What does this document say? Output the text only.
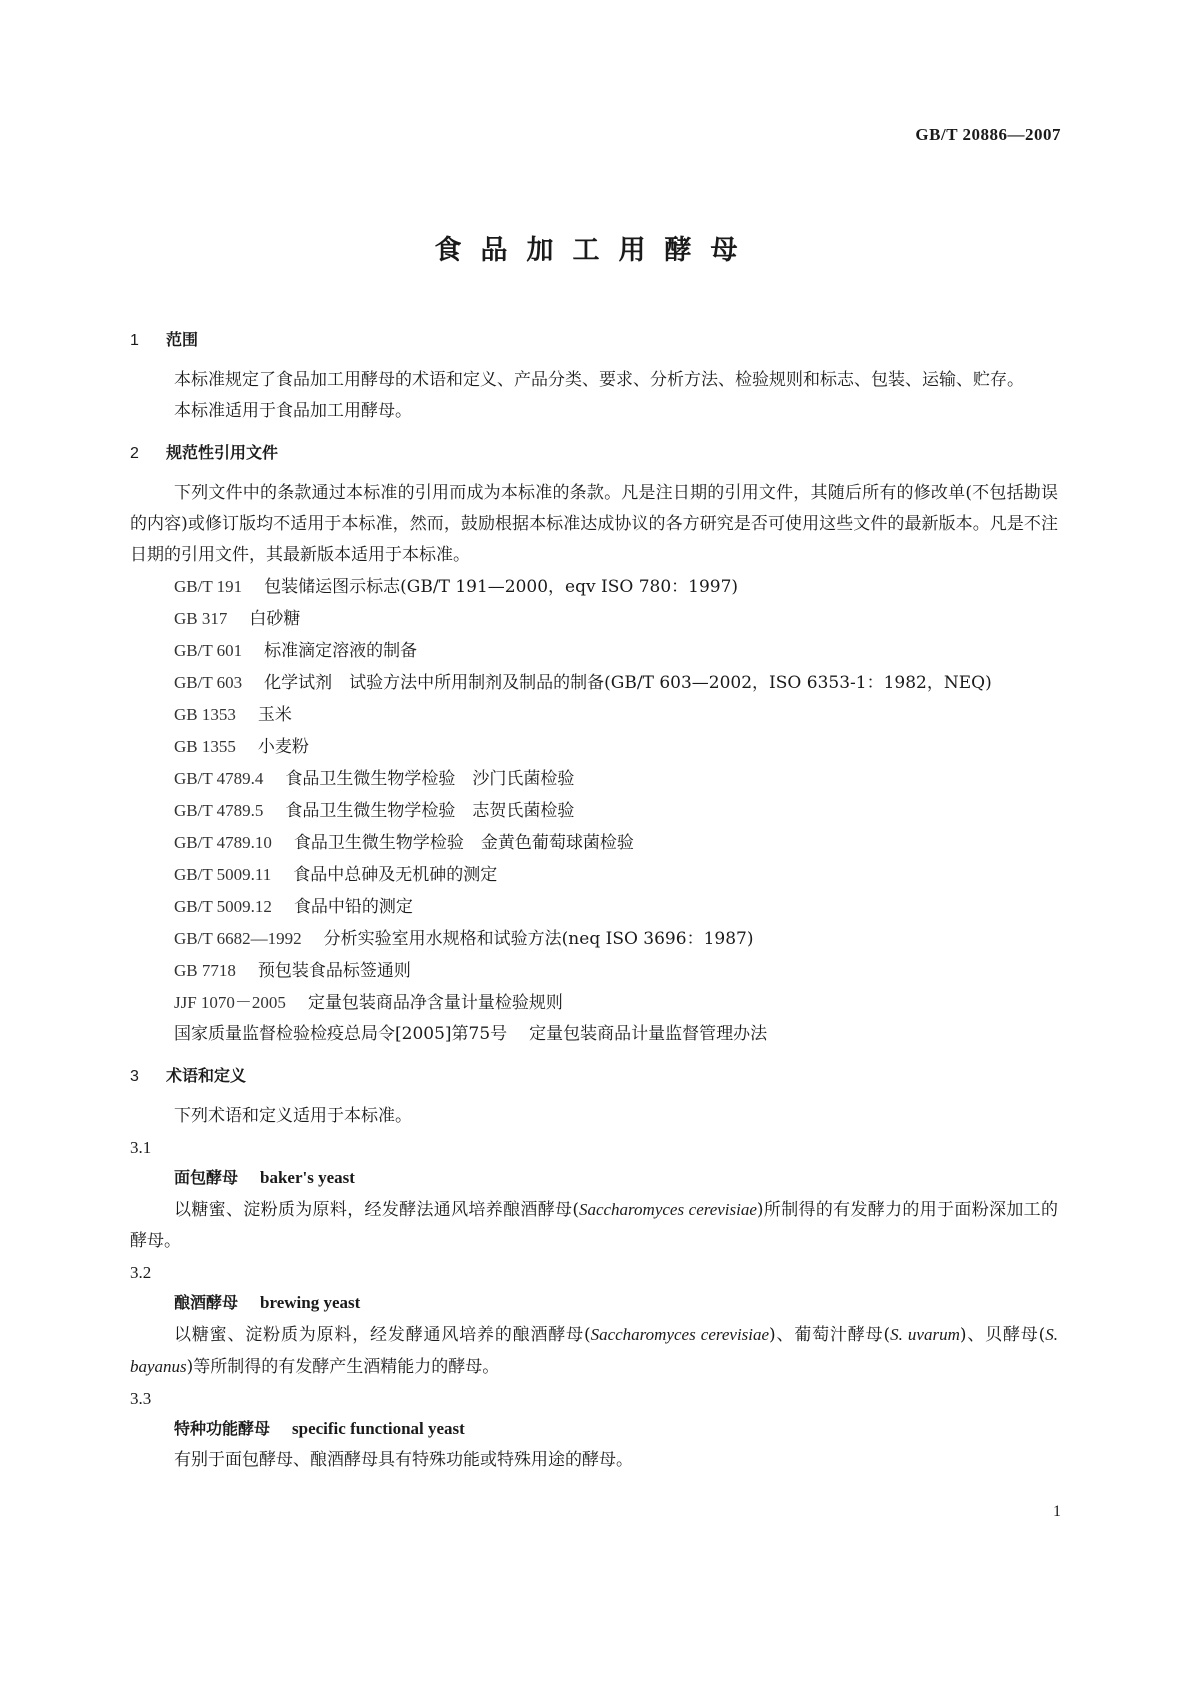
GB/T 20886—2007
食品加工用酵母
1 范围

本标准规定了食品加工用酵母的术语和定义、产品分类、要求、分析方法、检验规则和标志、包装、运输、贮存。

本标准适用于食品加工用酵母。

2 规范性引用文件

下列文件中的条款通过本标准的引用而成为本标准的条款。凡是注日期的引用文件，其随后所有的修改单(不包括勘误的内容)或修订版均不适用于本标准，然而，鼓励根据本标准达成协议的各方研究是否可使用这些文件的最新版本。凡是不注日期的引用文件，其最新版本适用于本标准。

GB/T 191 包装储运图示标志(GB/T 191—2000，eqv ISO 780：1997)
GB 317 白砂糖
GB/T 601 标准滴定溶液的制备
GB/T 603 化学试剂　试验方法中所用制剂及制品的制备(GB/T 603—2002，ISO 6353-1：1982，NEQ)
GB 1353 玉米
GB 1355 小麦粉
GB/T 4789.4 食品卫生微生物学检验　沙门氏菌检验
GB/T 4789.5 食品卫生微生物学检验　志贺氏菌检验
GB/T 4789.10 食品卫生微生物学检验　金黄色葡萄球菌检验
GB/T 5009.11 食品中总砷及无机砷的测定
GB/T 5009.12 食品中铅的测定
GB/T 6682—1992 分析实验室用水规格和试验方法(neq ISO 3696：1987)
GB 7718 预包装食品标签通则
JJF 1070－2005 定量包装商品净含量计量检验规则
国家质量监督检验检疫总局令[2005]第75号 定量包装商品计量监督管理办法
3 术语和定义

下列术语和定义适用于本标准。

3.1
面包酵母 baker's yeast

以糖蜜、淀粉质为原料，经发酵法通风培养酿酒酵母(Saccharomyces cerevisiae)所制得的有发酵力的用于面粉深加工的酵母。

3.2
酿酒酵母 brewing yeast

以糖蜜、淀粉质为原料，经发酵通风培养的酿酒酵母(Saccharomyces cerevisiae)、葡萄汁酵母(S. uvarum)、贝酵母(S. bayanus)等所制得的有发酵产生酒精能力的酵母。

3.3
特种功能酵母 specific functional yeast

有别于面包酵母、酿酒酵母具有特殊功能或特殊用途的酵母。

1
